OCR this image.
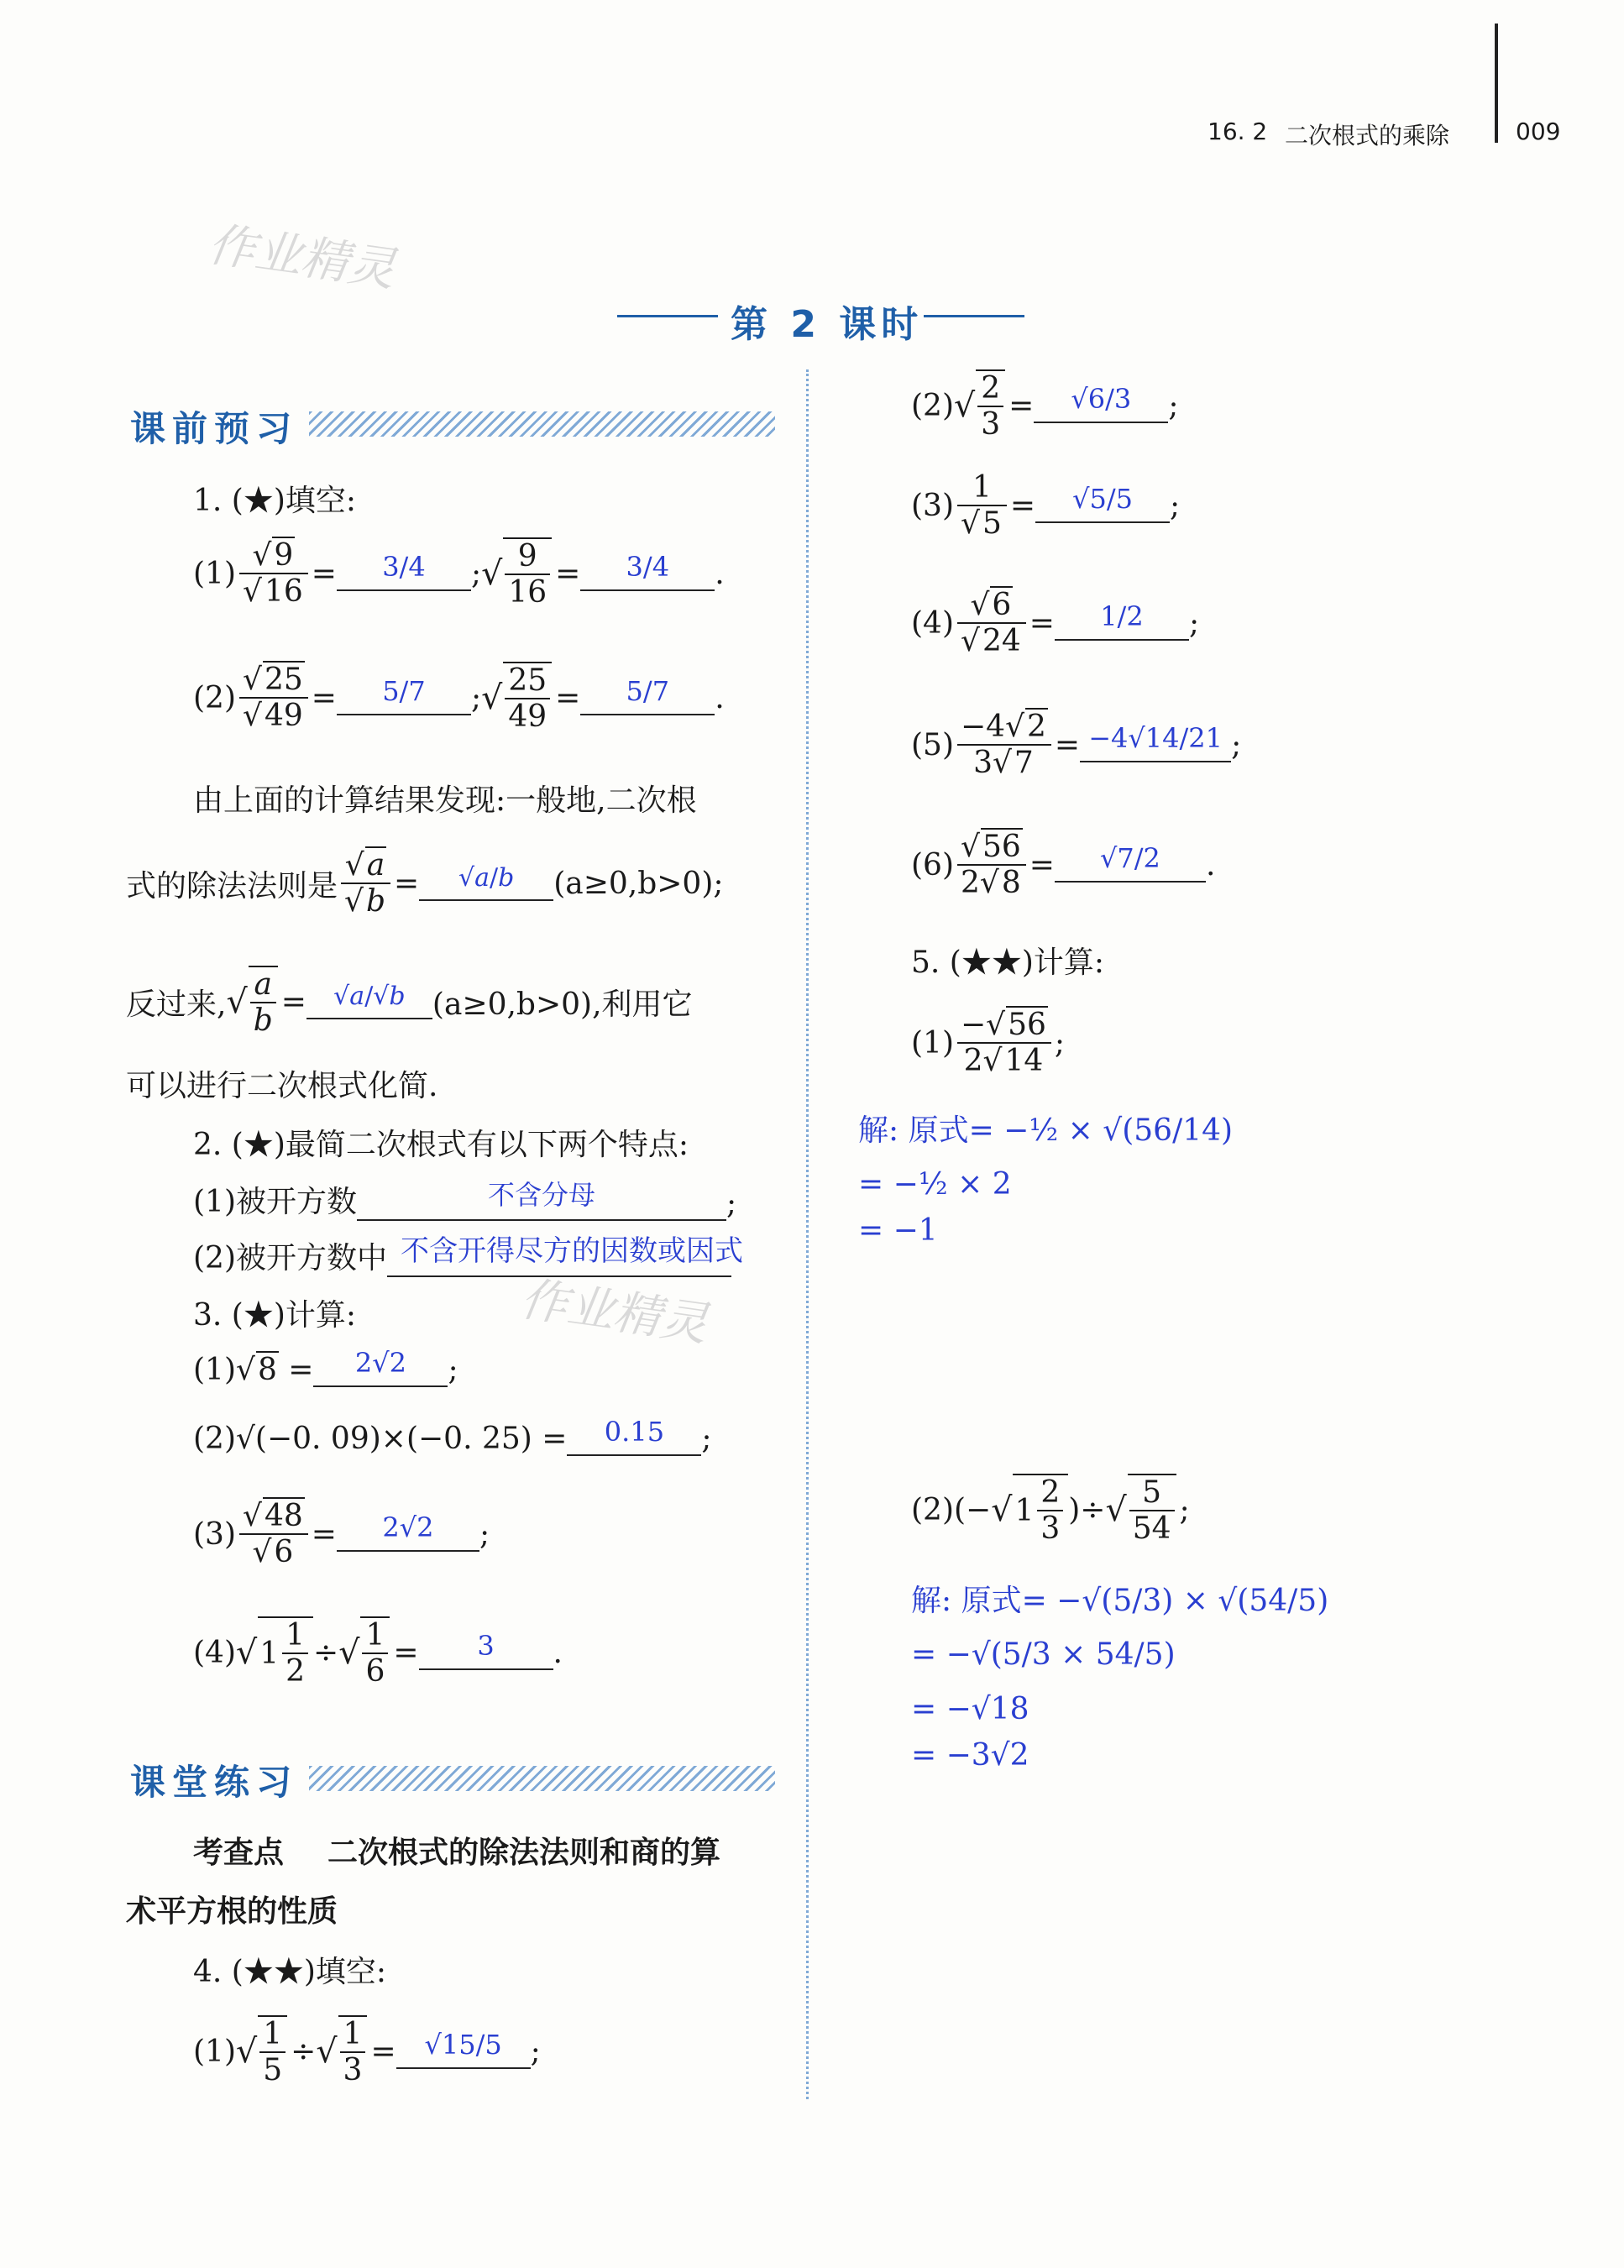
16. 2 二次根式的乘除	009
作业精灵
作业精灵
第 2 课时
课前预习
1. (★)填空:
$(1) \frac{√9}{√16}$ =	3/4	; √ $\frac{9}{16}$ =	3/4	.
$(2) \frac{√25}{√49}$ =	5/7	; √ $\frac{25}{49}$ =	5/7	.
由上面的计算结果发现:一般地,二次根
式的除法法则是 $\frac{√a}{√b}$ =	√a/b	(a≥0,b>0);
反过来, √ $\frac{a}{b}$ =	√a/√b (a≥0,b>0),利用它
可以进行二次根式化简.
2. (★)最简二次根式有以下两个特点:
(1)被开方数	不含分母	;
(2)被开方数中 不含开得尽方的因数或因式
3. (★)计算:
(1)√8 =	2√2	;
(2)√(−0. 09)×(−0. 25) =	0.15	;
$(3) \frac{√48}{√6}$ =	2√2	;
(4) √ $1 \frac{1}{2}$ ÷ √ $\frac{1}{6}$ =	3	.
课堂练习
考查点 二次根式的除法法则和商的算
术平方根的性质
4. (★★)填空:
(1) √ $\frac{1}{5}$ ÷ √ $\frac{1}{3}$ =	√15/5 ;
(2) √ $\frac{2}{3}$ =	√6/3	;
$(3) \frac{1}{√5}$ =	√5/5	;
$(4) \frac{√6}{√24}$ =	1/2	;
$(5) \frac{-4√2}{3√7} = -4√14/21$ ;
$(6) \frac{√56}{2√8}$ =	√7/2	.
5. (★★)计算:
$(1) \frac{-√56}{2√14}$ ;
解: 原式= −½ × √(56/14)
= −½ × 2
= −1
(2)(− √ $1 \frac{2}{3}$ )÷ √ $\frac{5}{54}$ ;
解: 原式= −√(5/3) × √(54/5)
= −√(5/3 × 54/5)
= −√18
= −3√2
